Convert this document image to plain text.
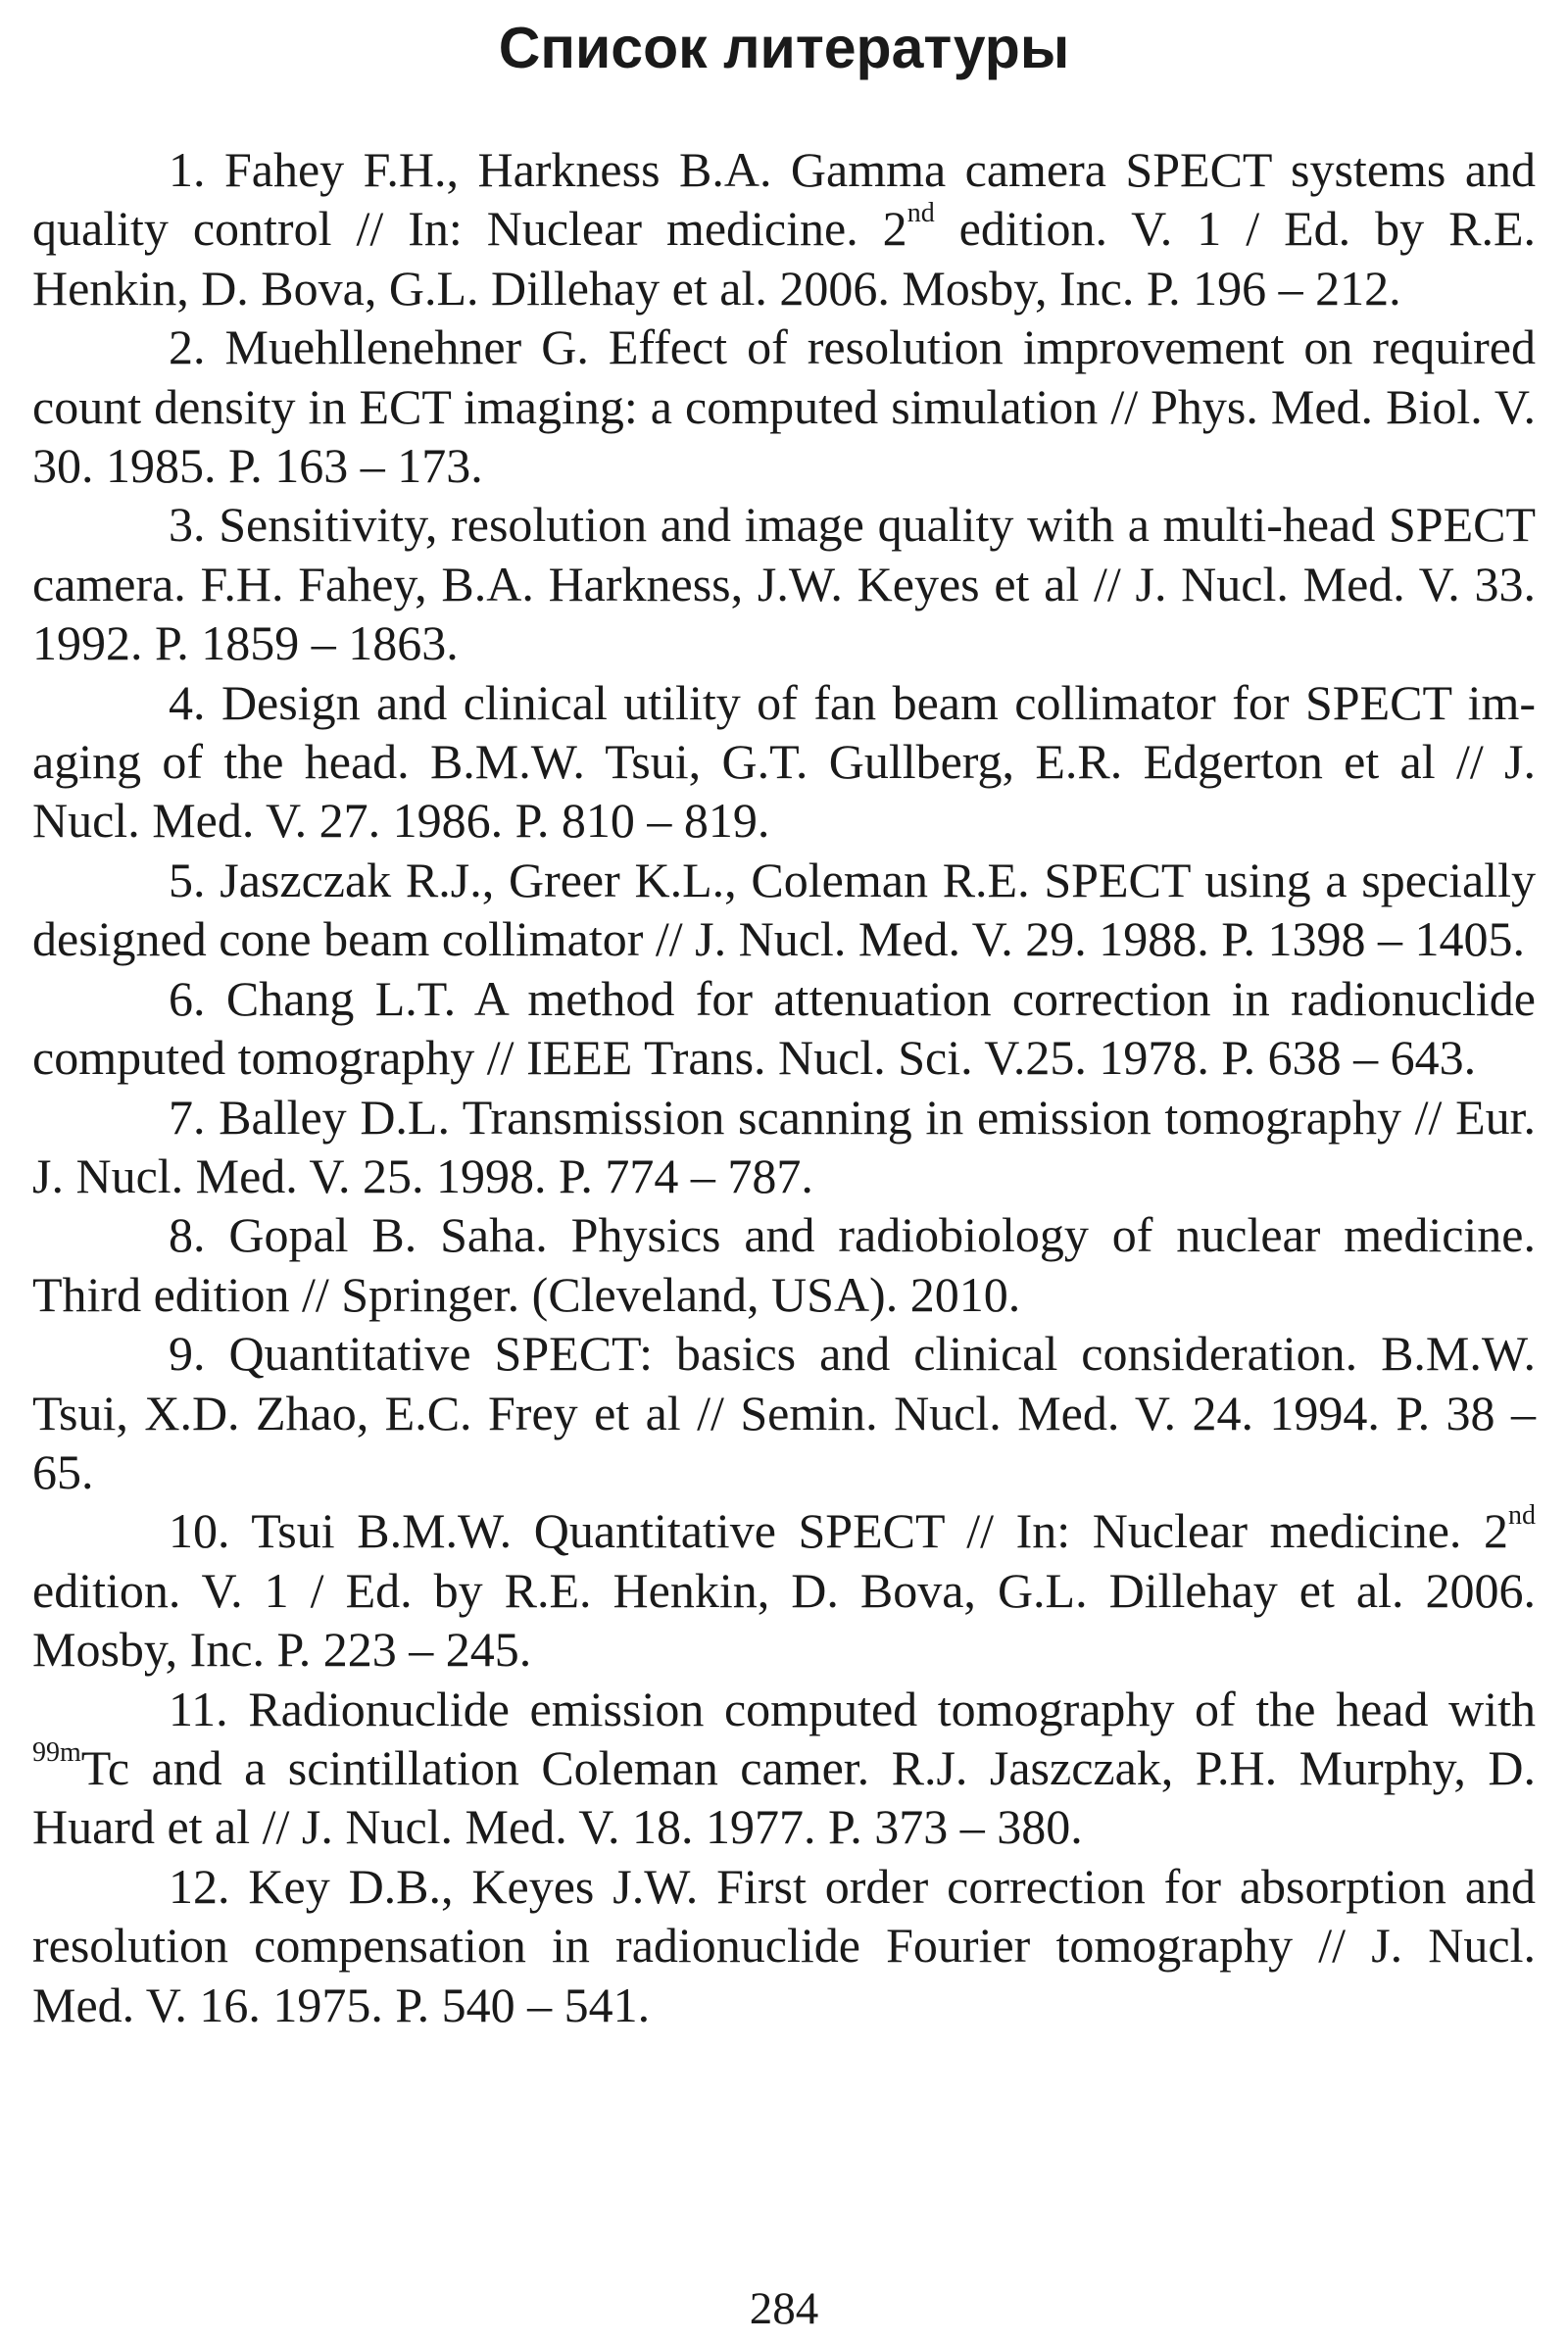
Список литературы

1. Fahey F.H., Harkness B.A. Gamma camera SPECT systems and quality control // In: Nuclear medicine. 2nd edition. V. 1 / Ed. by R.E. Henkin, D. Bova, G.L. Dillehay et al. 2006. Mosby, Inc. P. 196 – 212.

2. Muehllenehner G. Effect of resolution improvement on required count density in ECT imaging: a computed simulation // Phys. Med. Biol. V. 30. 1985. P. 163 – 173.

3. Sensitivity, resolution and image quality with a multi-head SPECT camera. F.H. Fahey, B.A. Harkness, J.W. Keyes et al // J. Nucl. Med. V. 33. 1992. P. 1859 – 1863.

4. Design and clinical utility of fan beam collimator for SPECT im-aging of the head. B.M.W. Tsui, G.T. Gullberg, E.R. Edgerton et al // J. Nucl. Med. V. 27. 1986. P. 810 – 819.

5. Jaszczak R.J., Greer K.L., Coleman R.E. SPECT using a specially designed cone beam collimator // J. Nucl. Med. V. 29. 1988. P. 1398 – 1405.

6. Chang L.T. A method for attenuation correction in radionuclide computed tomography // IEEE Trans. Nucl. Sci. V.25. 1978. P. 638 – 643.

7. Balley D.L. Transmission scanning in emission tomography // Eur. J. Nucl. Med. V. 25. 1998. P. 774 – 787.

8. Gopal B. Saha. Physics and radiobiology of nuclear medicine. Third edition // Springer. (Cleveland, USA). 2010.

9. Quantitative SPECT: basics and clinical consideration. B.M.W. Tsui, X.D. Zhao, E.C. Frey et al // Semin. Nucl. Med. V. 24. 1994. P. 38 – 65.

10. Tsui B.M.W. Quantitative SPECT // In: Nuclear medicine. 2nd edition. V. 1 / Ed. by R.E. Henkin, D. Bova, G.L. Dillehay et al. 2006. Mosby, Inc. P. 223 – 245.

11. Radionuclide emission computed tomography of the head with $^{99m}$Tc and a scintillation Coleman camer. R.J. Jaszczak, P.H. Murphy, D. Huard et al // J. Nucl. Med. V. 18. 1977. P. 373 – 380.

12. Key D.B., Keyes J.W. First order correction for absorption and resolution compensation in radionuclide Fourier tomography // J. Nucl. Med. V. 16. 1975. P. 540 – 541.

284
